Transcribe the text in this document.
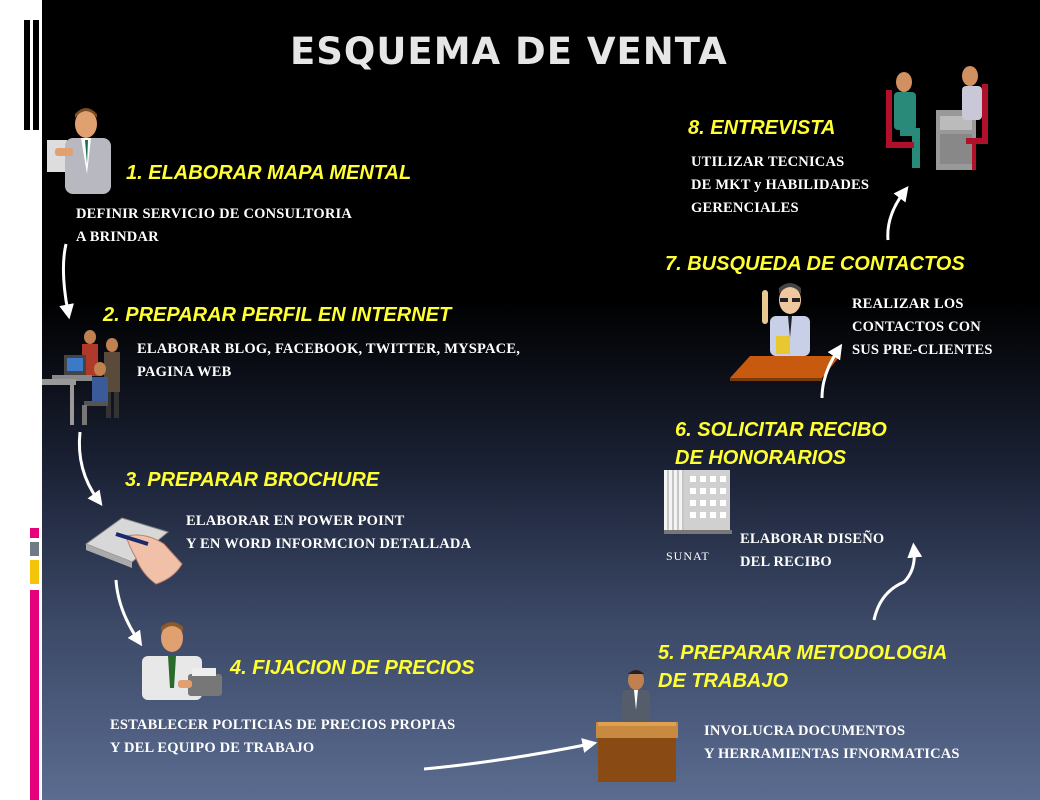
ESQUEMA DE VENTA
1. ELABORAR MAPA MENTAL
2. PREPARAR PERFIL EN INTERNET
3. PREPARAR BROCHURE
4. FIJACION DE PRECIOS
5. PREPARAR METODOLOGIA
DE TRABAJO
6. SOLICITAR RECIBO
DE HONORARIOS
7. BUSQUEDA DE CONTACTOS
8. ENTREVISTA
DEFINIR SERVICIO DE CONSULTORIA
A BRINDAR
ELABORAR BLOG, FACEBOOK, TWITTER, MYSPACE,
PAGINA WEB
ELABORAR EN POWER POINT
Y EN WORD INFORMCION DETALLADA
ESTABLECER POLTICIAS DE PRECIOS PROPIAS
Y DEL EQUIPO DE TRABAJO
INVOLUCRA DOCUMENTOS
Y HERRAMIENTAS IFNORMATICAS
ELABORAR DISEÑO
DEL RECIBO
REALIZAR LOS
CONTACTOS CON
SUS PRE-CLIENTES
UTILIZAR TECNICAS
DE MKT y HABILIDADES
GERENCIALES
SUNAT
